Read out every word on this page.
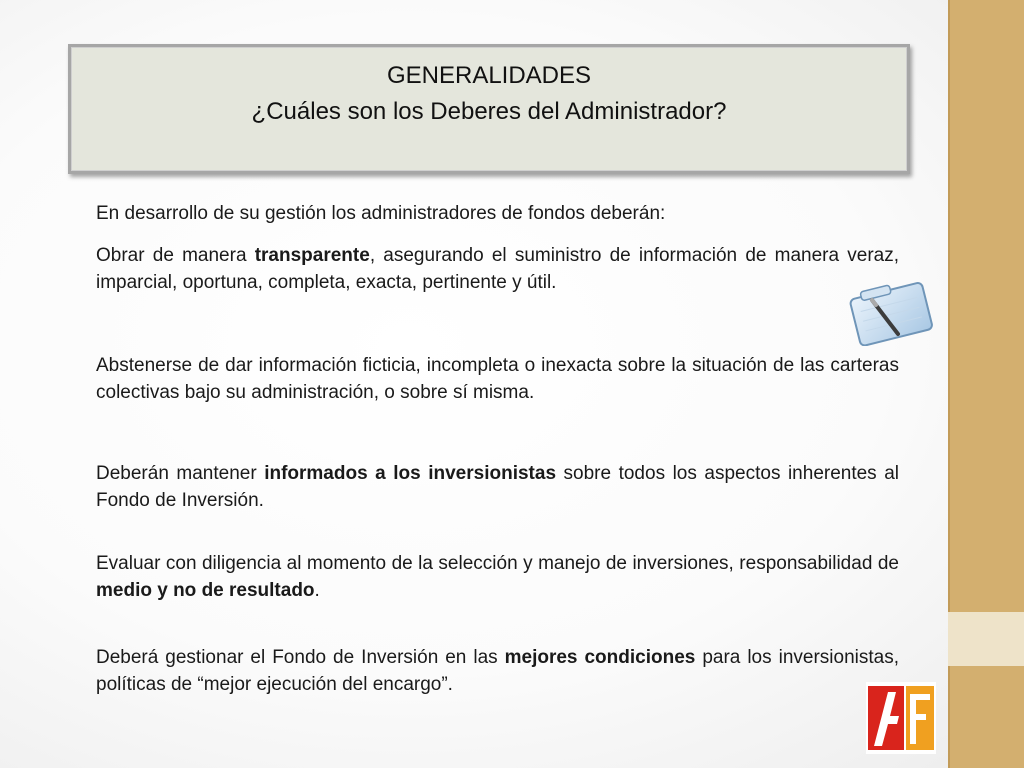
GENERALIDADES
¿Cuáles son los Deberes del Administrador?

En desarrollo de su gestión los administradores de fondos deberán:

Obrar de manera transparente, asegurando el suministro de información de manera veraz, imparcial, oportuna, completa, exacta, pertinente y útil.

Abstenerse de dar información ficticia, incompleta o inexacta sobre la situación de las carteras colectivas bajo su administración, o sobre sí misma.

Deberán mantener informados a los inversionistas sobre todos los aspectos inherentes al Fondo de Inversión.

Evaluar con diligencia al momento de la selección y manejo de inversiones, responsabilidad de medio y no de resultado.

Deberá gestionar el Fondo de Inversión en las mejores condiciones para los inversionistas, políticas de “mejor ejecución del encargo”.
